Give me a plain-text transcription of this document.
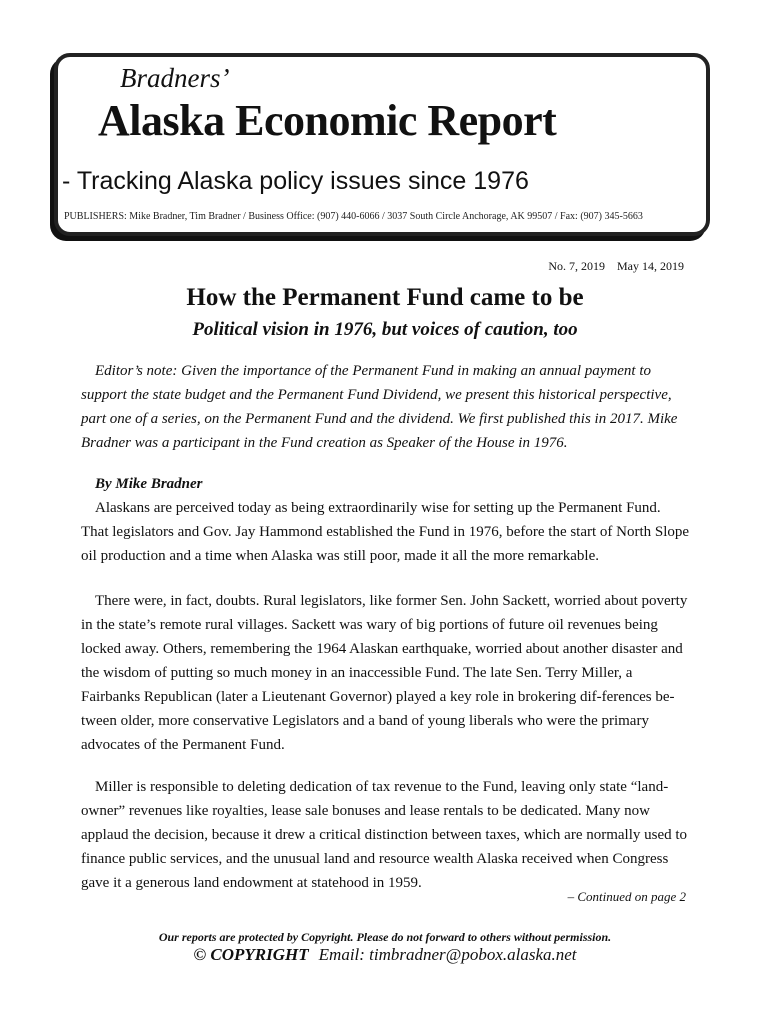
Bradners’
Alaska Economic Report
- Tracking Alaska policy issues since 1976
PUBLISHERS: Mike Bradner, Tim Bradner / Business Office: (907) 440-6066 / 3037 South Circle Anchorage, AK 99507 / Fax: (907) 345-5663
No. 7, 2019 May 14, 2019
How the Permanent Fund came to be
Political vision in 1976, but voices of caution, too
Editor’s note: Given the importance of the Permanent Fund in making an annual payment to support the state budget and the Permanent Fund Dividend, we present this historical perspective, part one of a series, on the Permanent Fund and the dividend. We first published this in 2017. Mike Bradner was a participant in the Fund creation as Speaker of the House in 1976.
By Mike Bradner
Alaskans are perceived today as being extraordinarily wise for setting up the Permanent Fund. That legislators and Gov. Jay Hammond established the Fund in 1976, before the start of North Slope oil production and a time when Alaska was still poor, made it all the more remarkable.
There were, in fact, doubts. Rural legislators, like former Sen. John Sackett, worried about poverty in the state’s remote rural villages. Sackett was wary of big portions of future oil revenues being locked away. Others, remembering the 1964 Alaskan earthquake, worried about another disaster and the wisdom of putting so much money in an inaccessible Fund. The late Sen. Terry Miller, a Fairbanks Republican (later a Lieutenant Governor) played a key role in brokering dif-ferences be-tween older, more conservative Legislators and a band of young liberals who were the primary advocates of the Permanent Fund.
Miller is responsible to deleting dedication of tax revenue to the Fund, leaving only state “land-owner” revenues like royalties, lease sale bonuses and lease rentals to be dedicated. Many now applaud the decision, because it drew a critical distinction between taxes, which are normally used to finance public services, and the unusual land and resource wealth Alaska received when Congress gave it a generous land endowment at statehood in 1959.
– Continued on page 2
Our reports are protected by Copyright. Please do not forward to others without permission.
© COPYRIGHT Email: timbradner@pobox.alaska.net
